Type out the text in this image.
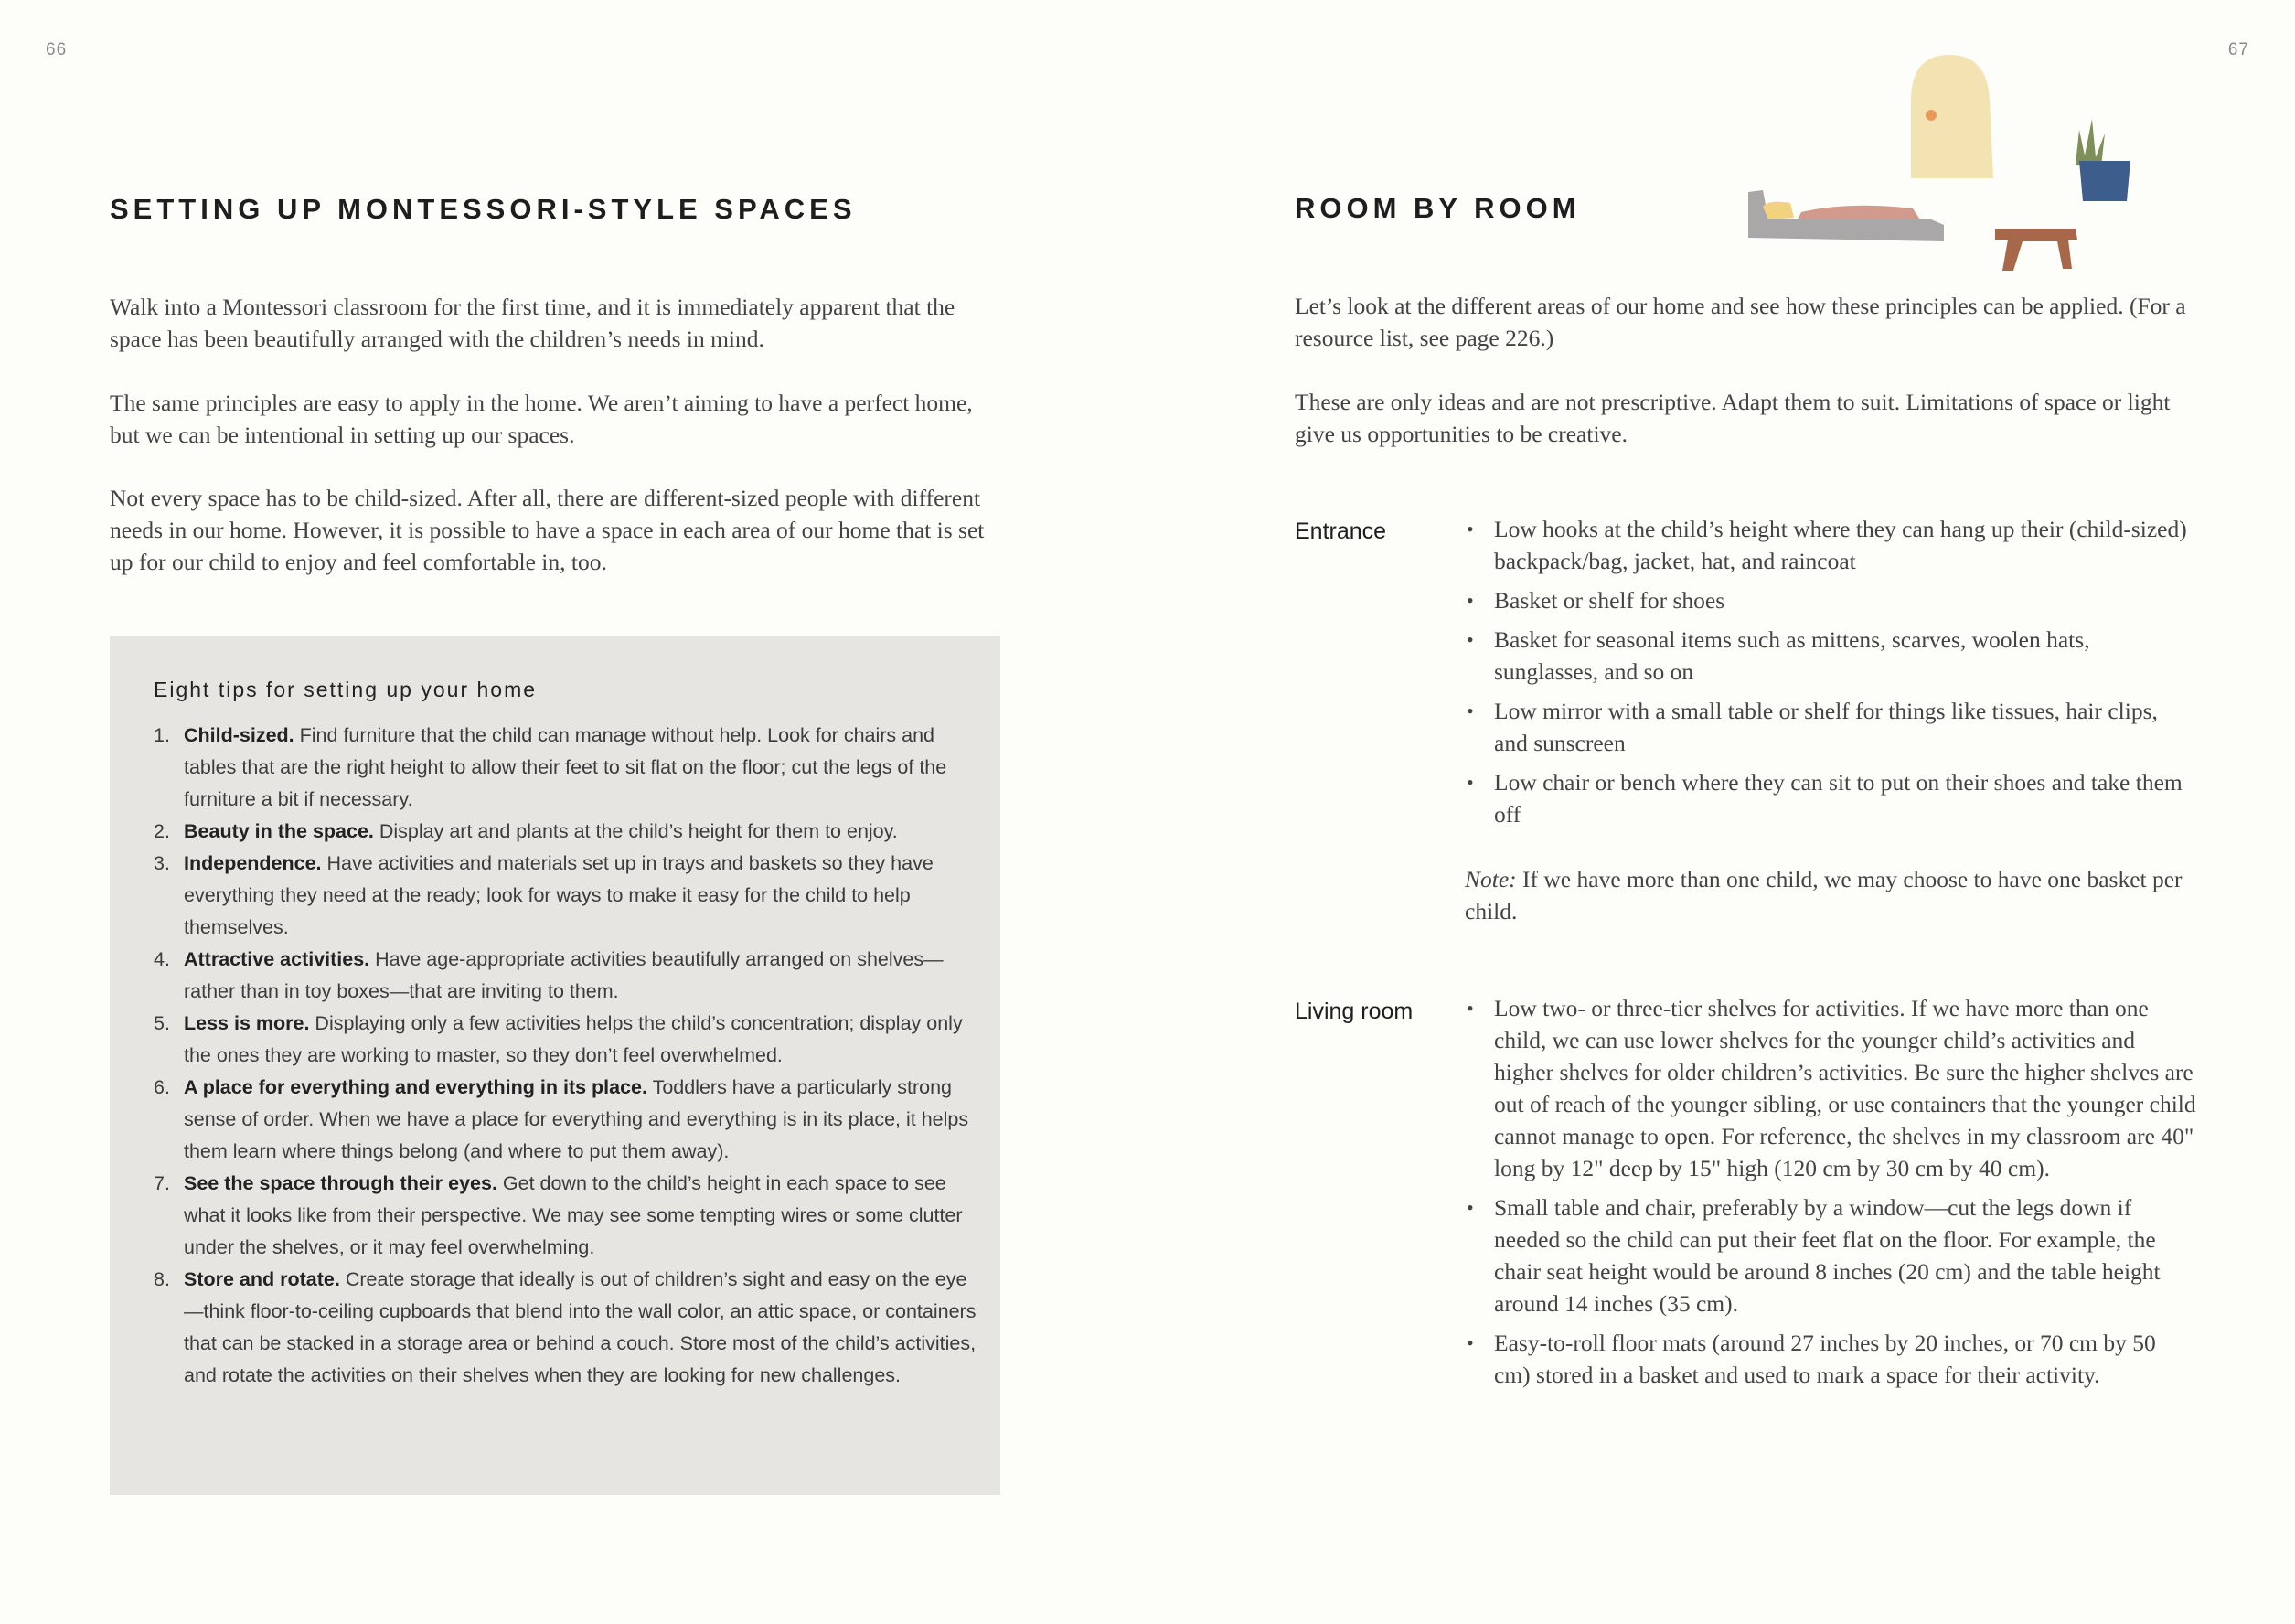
66	67
SETTING UP MONTESSORI-STYLE SPACES

Walk into a Montessori classroom for the first time, and it is immediately apparent that the space has been beautifully arranged with the children’s needs in mind.

The same principles are easy to apply in the home. We aren’t aiming to have a perfect home, but we can be intentional in setting up our spaces.

Not every space has to be child-sized. After all, there are different-sized people with different needs in our home. However, it is possible to have a space in each area of our home that is set up for our child to enjoy and feel comfortable in, too.

Eight tips for setting up your home
1. Child-sized. Find furniture that the child can manage without help. Look for chairs and tables that are the right height to allow their feet to sit flat on the floor; cut the legs of the furniture a bit if necessary.
2. Beauty in the space. Display art and plants at the child’s height for them to enjoy.
3. Independence. Have activities and materials set up in trays and baskets so they have everything they need at the ready; look for ways to make it easy for the child to help themselves.
4. Attractive activities. Have age-appropriate activities beautifully arranged on shelves—rather than in toy boxes—that are inviting to them.
5. Less is more. Displaying only a few activities helps the child’s concentration; display only the ones they are working to master, so they don’t feel overwhelmed.
6. A place for everything and everything in its place. Toddlers have a particularly strong sense of order. When we have a place for everything and everything is in its place, it helps them learn where things belong (and where to put them away).
7. See the space through their eyes. Get down to the child’s height in each space to see what it looks like from their perspective. We may see some tempting wires or some clutter under the shelves, or it may feel overwhelming.
8. Store and rotate. Create storage that ideally is out of children’s sight and easy on the eye—think floor-to-ceiling cupboards that blend into the wall color, an attic space, or containers that can be stacked in a storage area or behind a couch. Store most of the child’s activities, and rotate the activities on their shelves when they are looking for new challenges.
ROOM BY ROOM

Let’s look at the different areas of our home and see how these principles can be applied. (For a resource list, see page 226.)

These are only ideas and are not prescriptive. Adapt them to suit. Limitations of space or light give us opportunities to be creative.

Entrance	• Low hooks at the child’s height where they can hang up their (child-sized) backpack/bag, jacket, hat, and raincoat
• Basket or shelf for shoes
• Basket for seasonal items such as mittens, scarves, woolen hats, sunglasses, and so on
• Low mirror with a small table or shelf for things like tissues, hair clips, and sunscreen
• Low chair or bench where they can sit to put on their shoes and take them off

Note: If we have more than one child, we may choose to have one basket per child.

Living room	• Low two- or three-tier shelves for activities. If we have more than one child, we can use lower shelves for the younger child’s activities and higher shelves for older children’s activities. Be sure the higher shelves are out of reach of the younger sibling, or use containers that the younger child cannot manage to open. For reference, the shelves in my classroom are 40" long by 12" deep by 15" high (120 cm by 30 cm by 40 cm).
• Small table and chair, preferably by a window—cut the legs down if needed so the child can put their feet flat on the floor. For example, the chair seat height would be around 8 inches (20 cm) and the table height around 14 inches (35 cm).
• Easy-to-roll floor mats (around 27 inches by 20 inches, or 70 cm by 50 cm) stored in a basket and used to mark a space for their activity.
